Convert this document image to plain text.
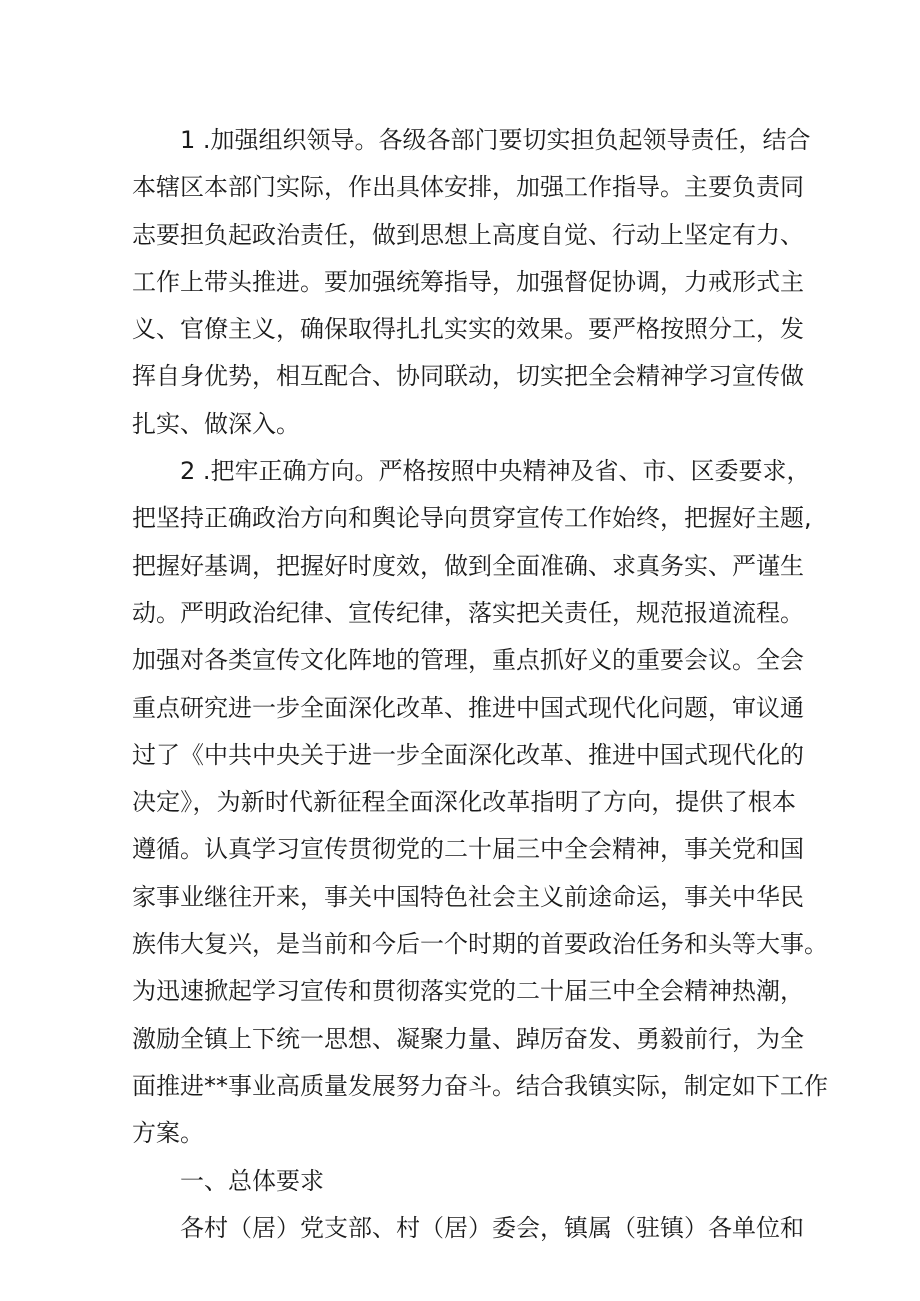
1 .加强组织领导。各级各部门要切实担负起领导责任，结合
本辖区本部门实际，作出具体安排，加强工作指导。主要负责同
志要担负起政治责任，做到思想上高度自觉、行动上坚定有力、
工作上带头推进。要加强统筹指导，加强督促协调，力戒形式主
义、官僚主义，确保取得扎扎实实的效果。要严格按照分工，发
挥自身优势，相互配合、协同联动，切实把全会精神学习宣传做
扎实、做深入。
2 .把牢正确方向。严格按照中央精神及省、市、区委要求，
把坚持正确政治方向和舆论导向贯穿宣传工作始终，把握好主题,
把握好基调，把握好时度效，做到全面准确、求真务实、严谨生
动。严明政治纪律、宣传纪律，落实把关责任，规范报道流程。
加强对各类宣传文化阵地的管理，重点抓好义的重要会议。全会
重点研究进一步全面深化改革、推进中国式现代化问题，审议通
过了《中共中央关于进一步全面深化改革、推进中国式现代化的
决定》，为新时代新征程全面深化改革指明了方向，提供了根本
遵循。认真学习宣传贯彻党的二十届三中全会精神，事关党和国
家事业继往开来，事关中国特色社会主义前途命运，事关中华民
族伟大复兴，是当前和今后一个时期的首要政治任务和头等大事。
为迅速掀起学习宣传和贯彻落实党的二十届三中全会精神热潮，
激励全镇上下统一思想、凝聚力量、踔厉奋发、勇毅前行，为全
面推进**事业高质量发展努力奋斗。结合我镇实际，制定如下工作
方案。
一、总体要求
各村（居）党支部、村（居）委会，镇属（驻镇）各单位和
